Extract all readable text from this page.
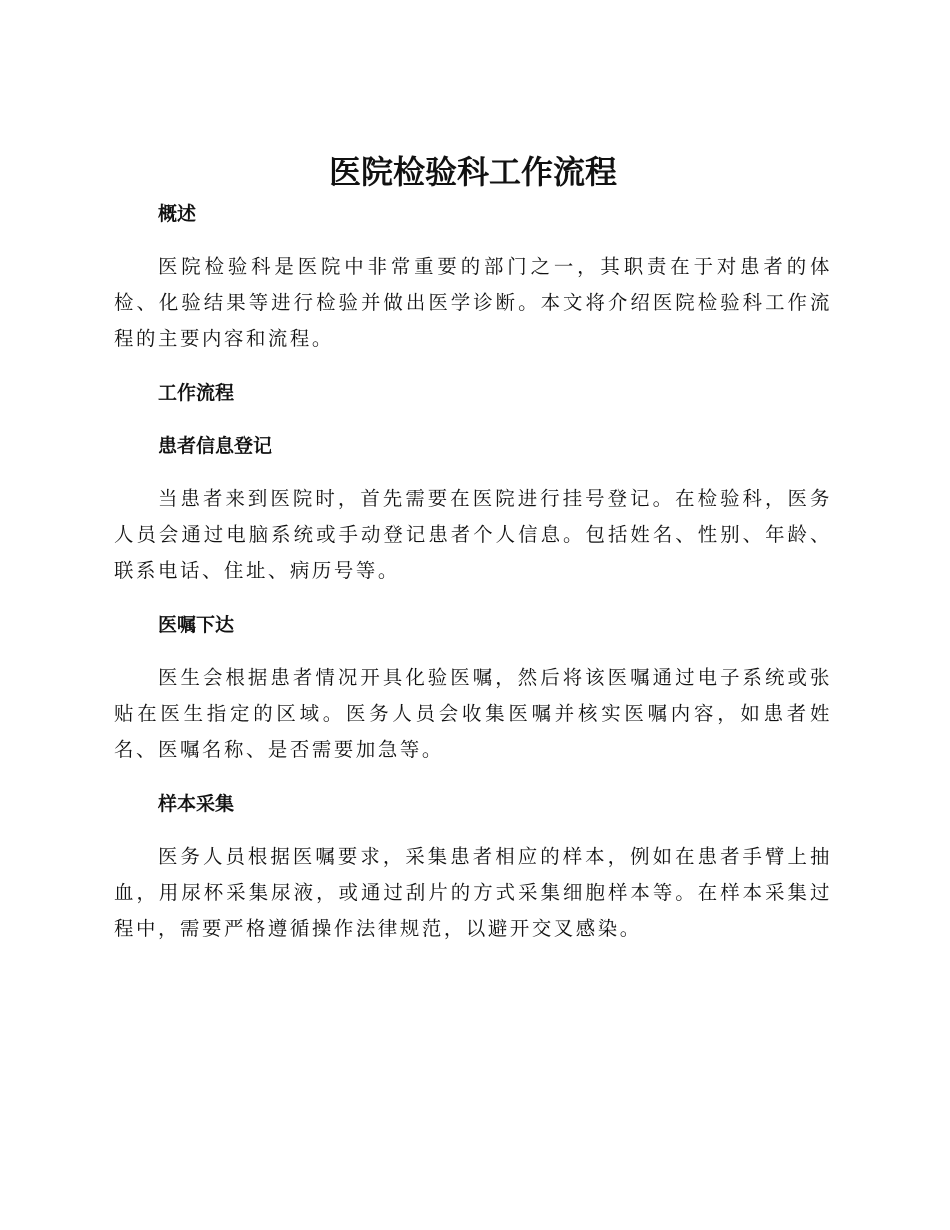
医院检验科工作流程
概述

医院检验科是医院中非常重要的部门之一，其职责在于对患者的体检、化验结果等进行检验并做出医学诊断。本文将介绍医院检验科工作流程的主要内容和流程。

工作流程
患者信息登记

当患者来到医院时，首先需要在医院进行挂号登记。在检验科，医务人员会通过电脑系统或手动登记患者个人信息。包括姓名、性别、年龄、联系电话、住址、病历号等。

医嘱下达

医生会根据患者情况开具化验医嘱，然后将该医嘱通过电子系统或张贴在医生指定的区域。医务人员会收集医嘱并核实医嘱内容，如患者姓名、医嘱名称、是否需要加急等。

样本采集

医务人员根据医嘱要求，采集患者相应的样本，例如在患者手臂上抽血，用尿杯采集尿液，或通过刮片的方式采集细胞样本等。在样本采集过程中，需要严格遵循操作法律规范，以避开交叉感染。
